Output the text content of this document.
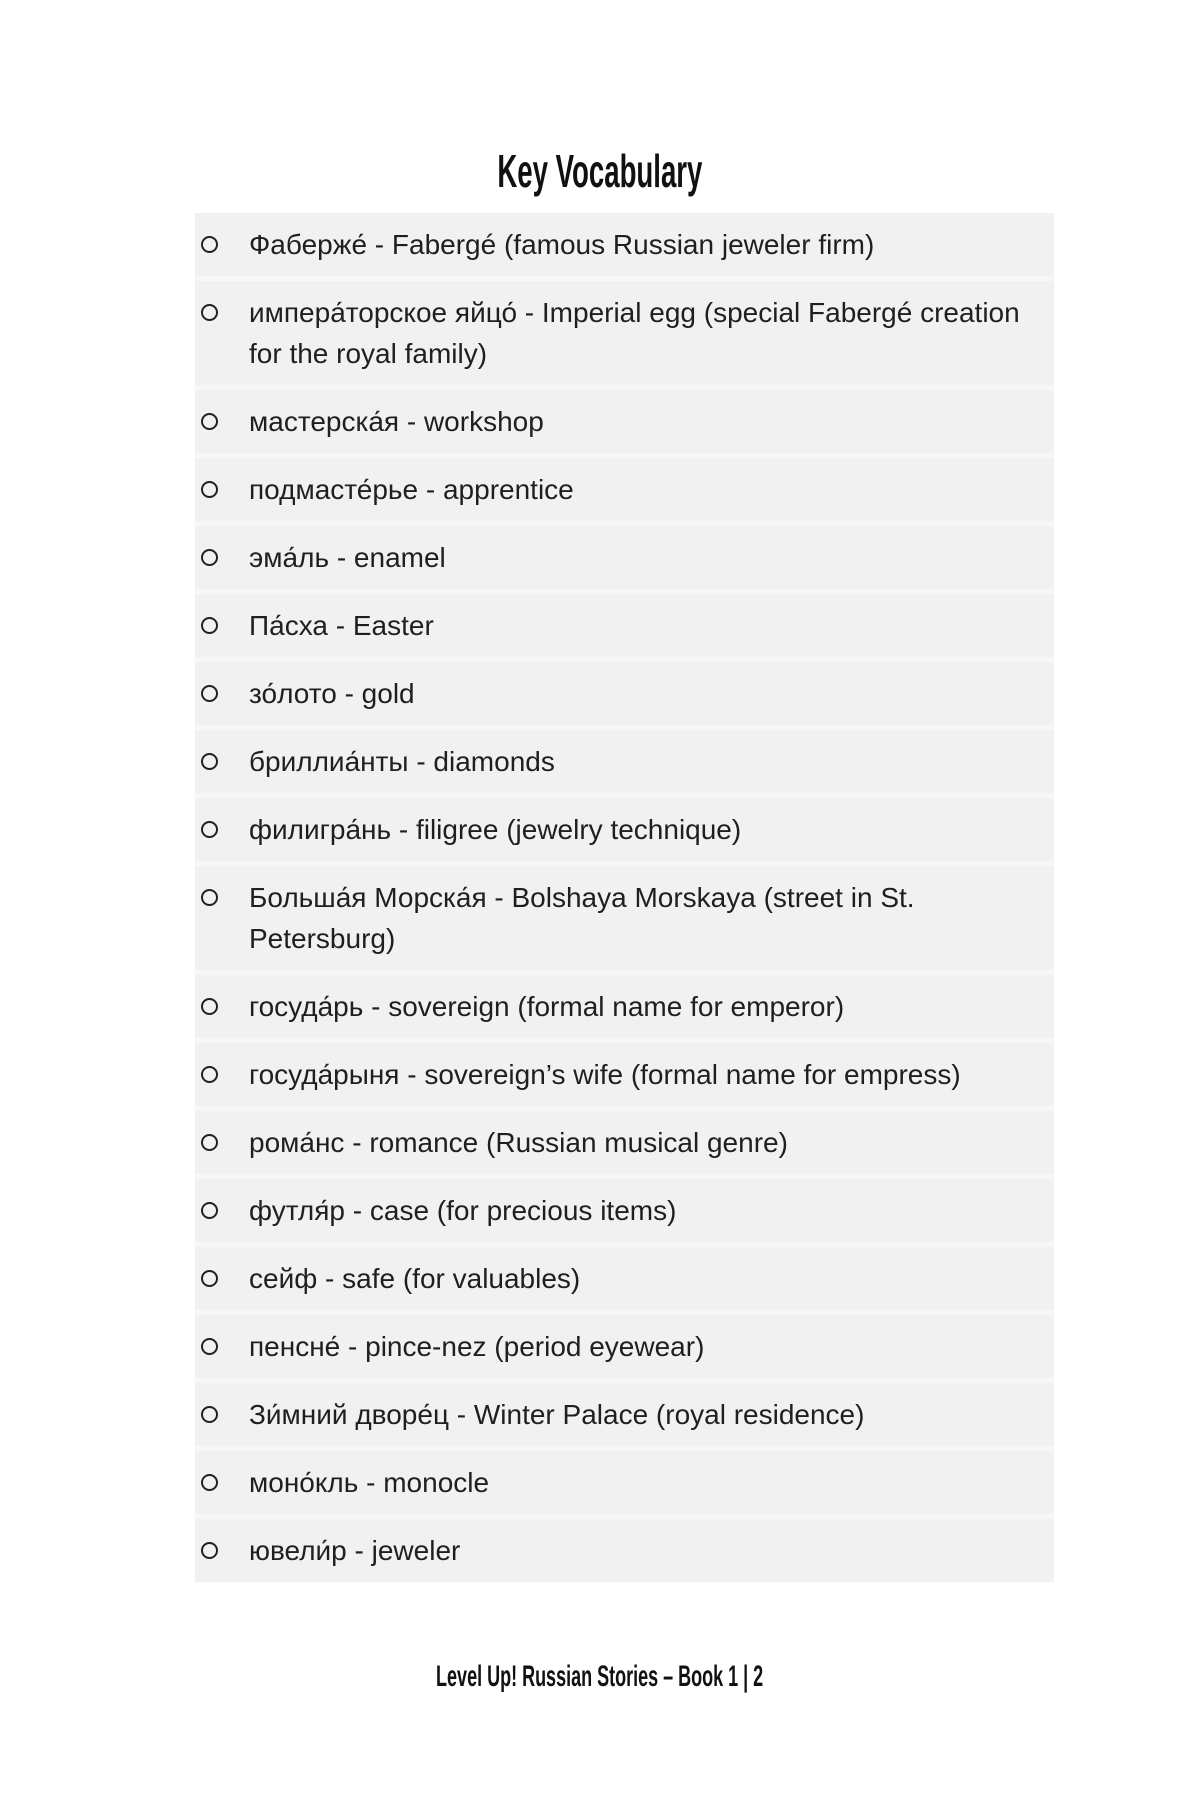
Key Vocabulary
Фаберже́ - Fabergé (famous Russian jeweler firm)
импера́торское яйцо́ - Imperial egg (special Fabergé creation for the royal family)
мастерска́я - workshop
подмасте́рье - apprentice
эма́ль - enamel
Па́сха - Easter
зо́лото - gold
бриллиа́нты - diamonds
филигра́нь - filigree (jewelry technique)
Больша́я Морска́я - Bolshaya Morskaya (street in St. Petersburg)
госуда́рь - sovereign (formal name for emperor)
госуда́рыня - sovereign’s wife (formal name for empress)
рома́нс - romance (Russian musical genre)
футля́р - case (for precious items)
сейф - safe (for valuables)
пенсне́ - pince-nez (period eyewear)
Зи́мний дворе́ц - Winter Palace (royal residence)
моно́кль - monocle
ювели́р - jeweler
Level Up! Russian Stories – Book 1 | 2
